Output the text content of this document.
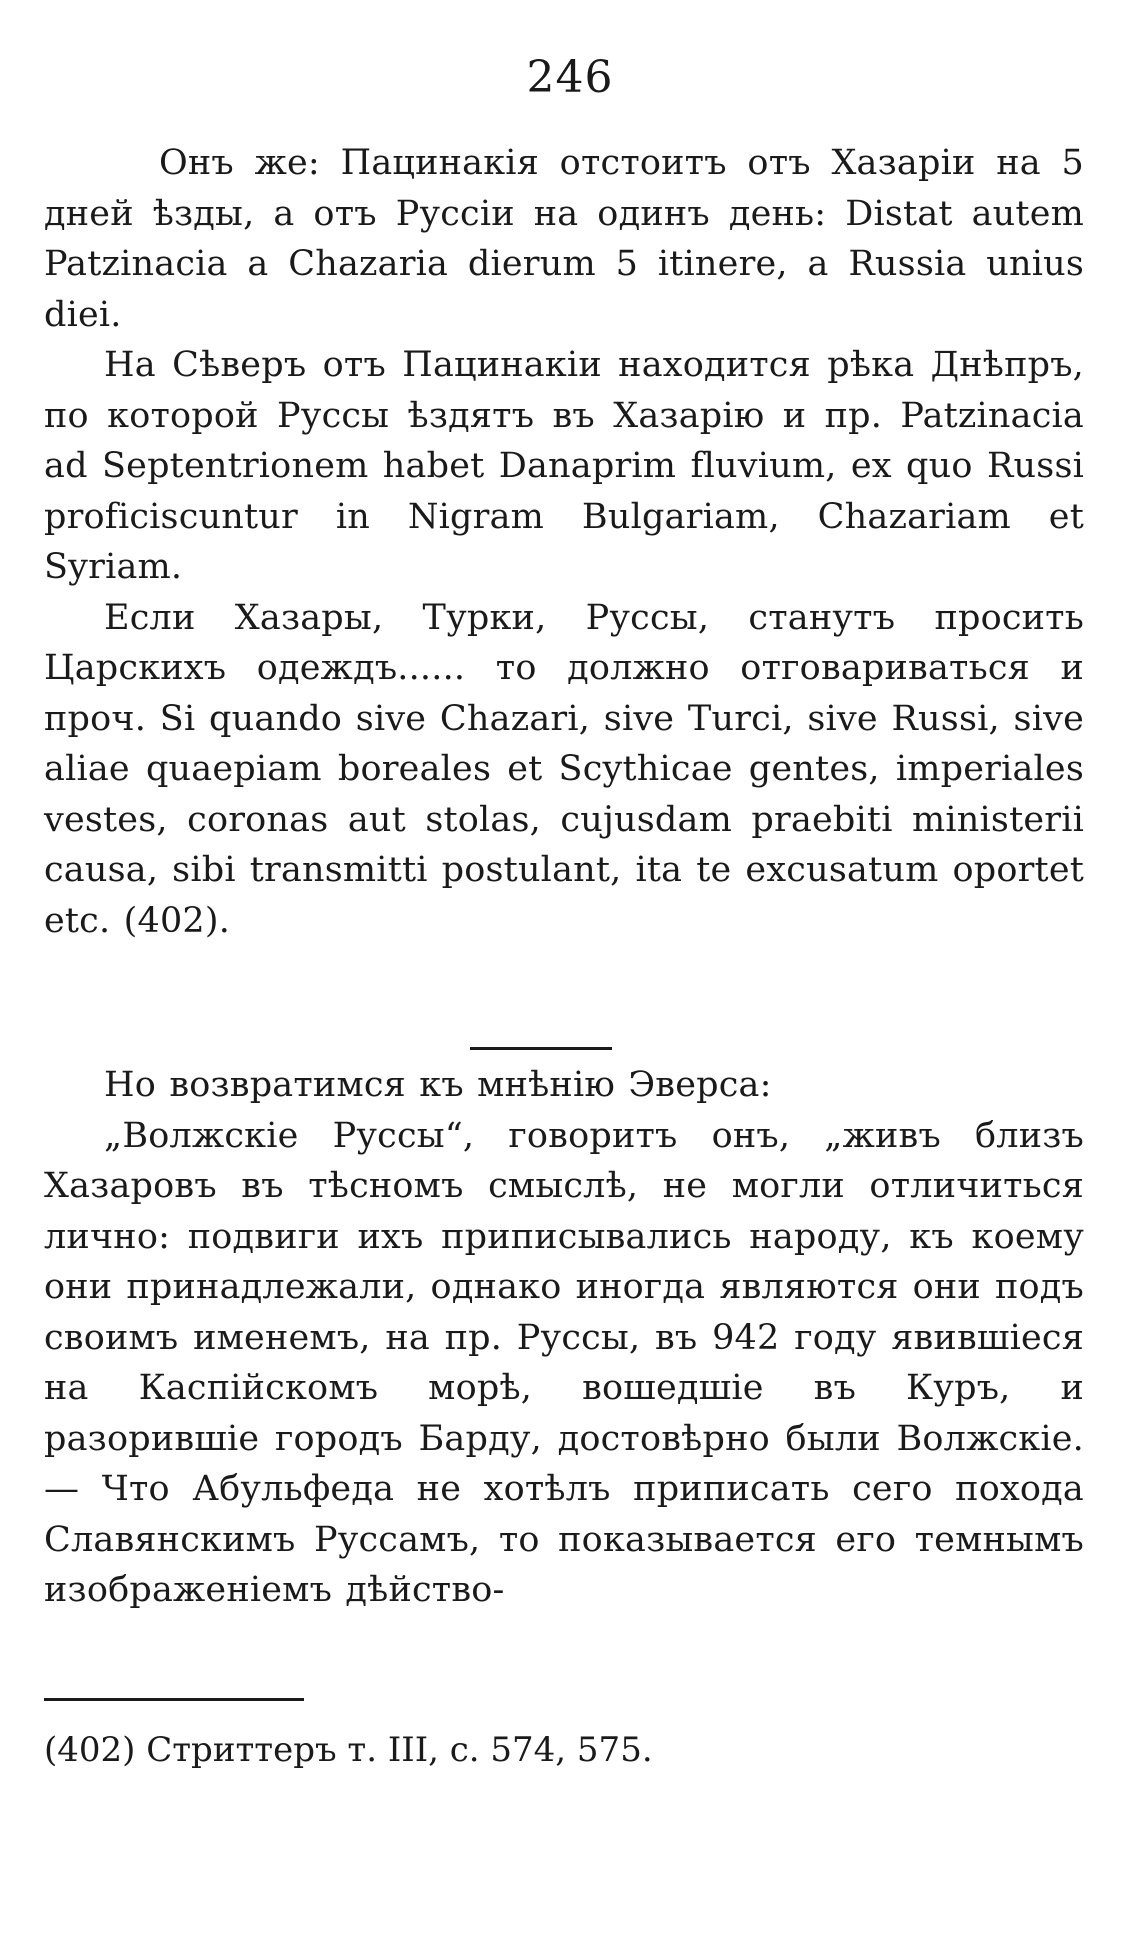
246

Онъ же: Пацинакія отстоитъ отъ Хазаріи на 5 дней ѣзды, а отъ Руссіи на одинъ день: Distat autem Patzinacia a Chazaria dierum 5 itinere, a Russia unius diei.

На Сѣверъ отъ Пацинакіи находится рѣка Днѣпръ, по которой Руссы ѣздятъ въ Хазарію и пр. Patzinacia ad Septentrionem habet Danaprim fluvium, ex quo Russi proficiscuntur in Nigram Bulgariam, Chazariam et Syriam.

Если Хазары, Турки, Руссы, станутъ просить Царскихъ одеждъ...... то должно отговариваться и проч. Si quando sive Chazari, sive Turci, sive Russi, sive aliae quaepiam boreales et Scythicae gentes, imperiales vestes, coronas aut stolas, cujusdam praebiti ministerii causa, sibi transmitti postulant, ita te excusatum oportet etc. (402).

Но возвратимся къ мнѣнію Эверса:

„Волжскіе Руссы“, говоритъ онъ, „живъ близъ Хазаровъ въ тѣсномъ смыслѣ, не могли отличиться лично: подвиги ихъ приписывались народу, къ коему они принадлежали, однако иногда являются они подъ своимъ именемъ, на пр. Руссы, въ 942 году явившіеся на Каспійскомъ морѣ, вошедшіе въ Куръ, и разорившіе городъ Барду, достовѣрно были Волжскіе. — Что Абульфеда не хотѣлъ приписать сего похода Славянскимъ Руссамъ, то показывается его темнымъ изображеніемъ дѣйство-

(402) Стриттеръ т. III, с. 574, 575.
